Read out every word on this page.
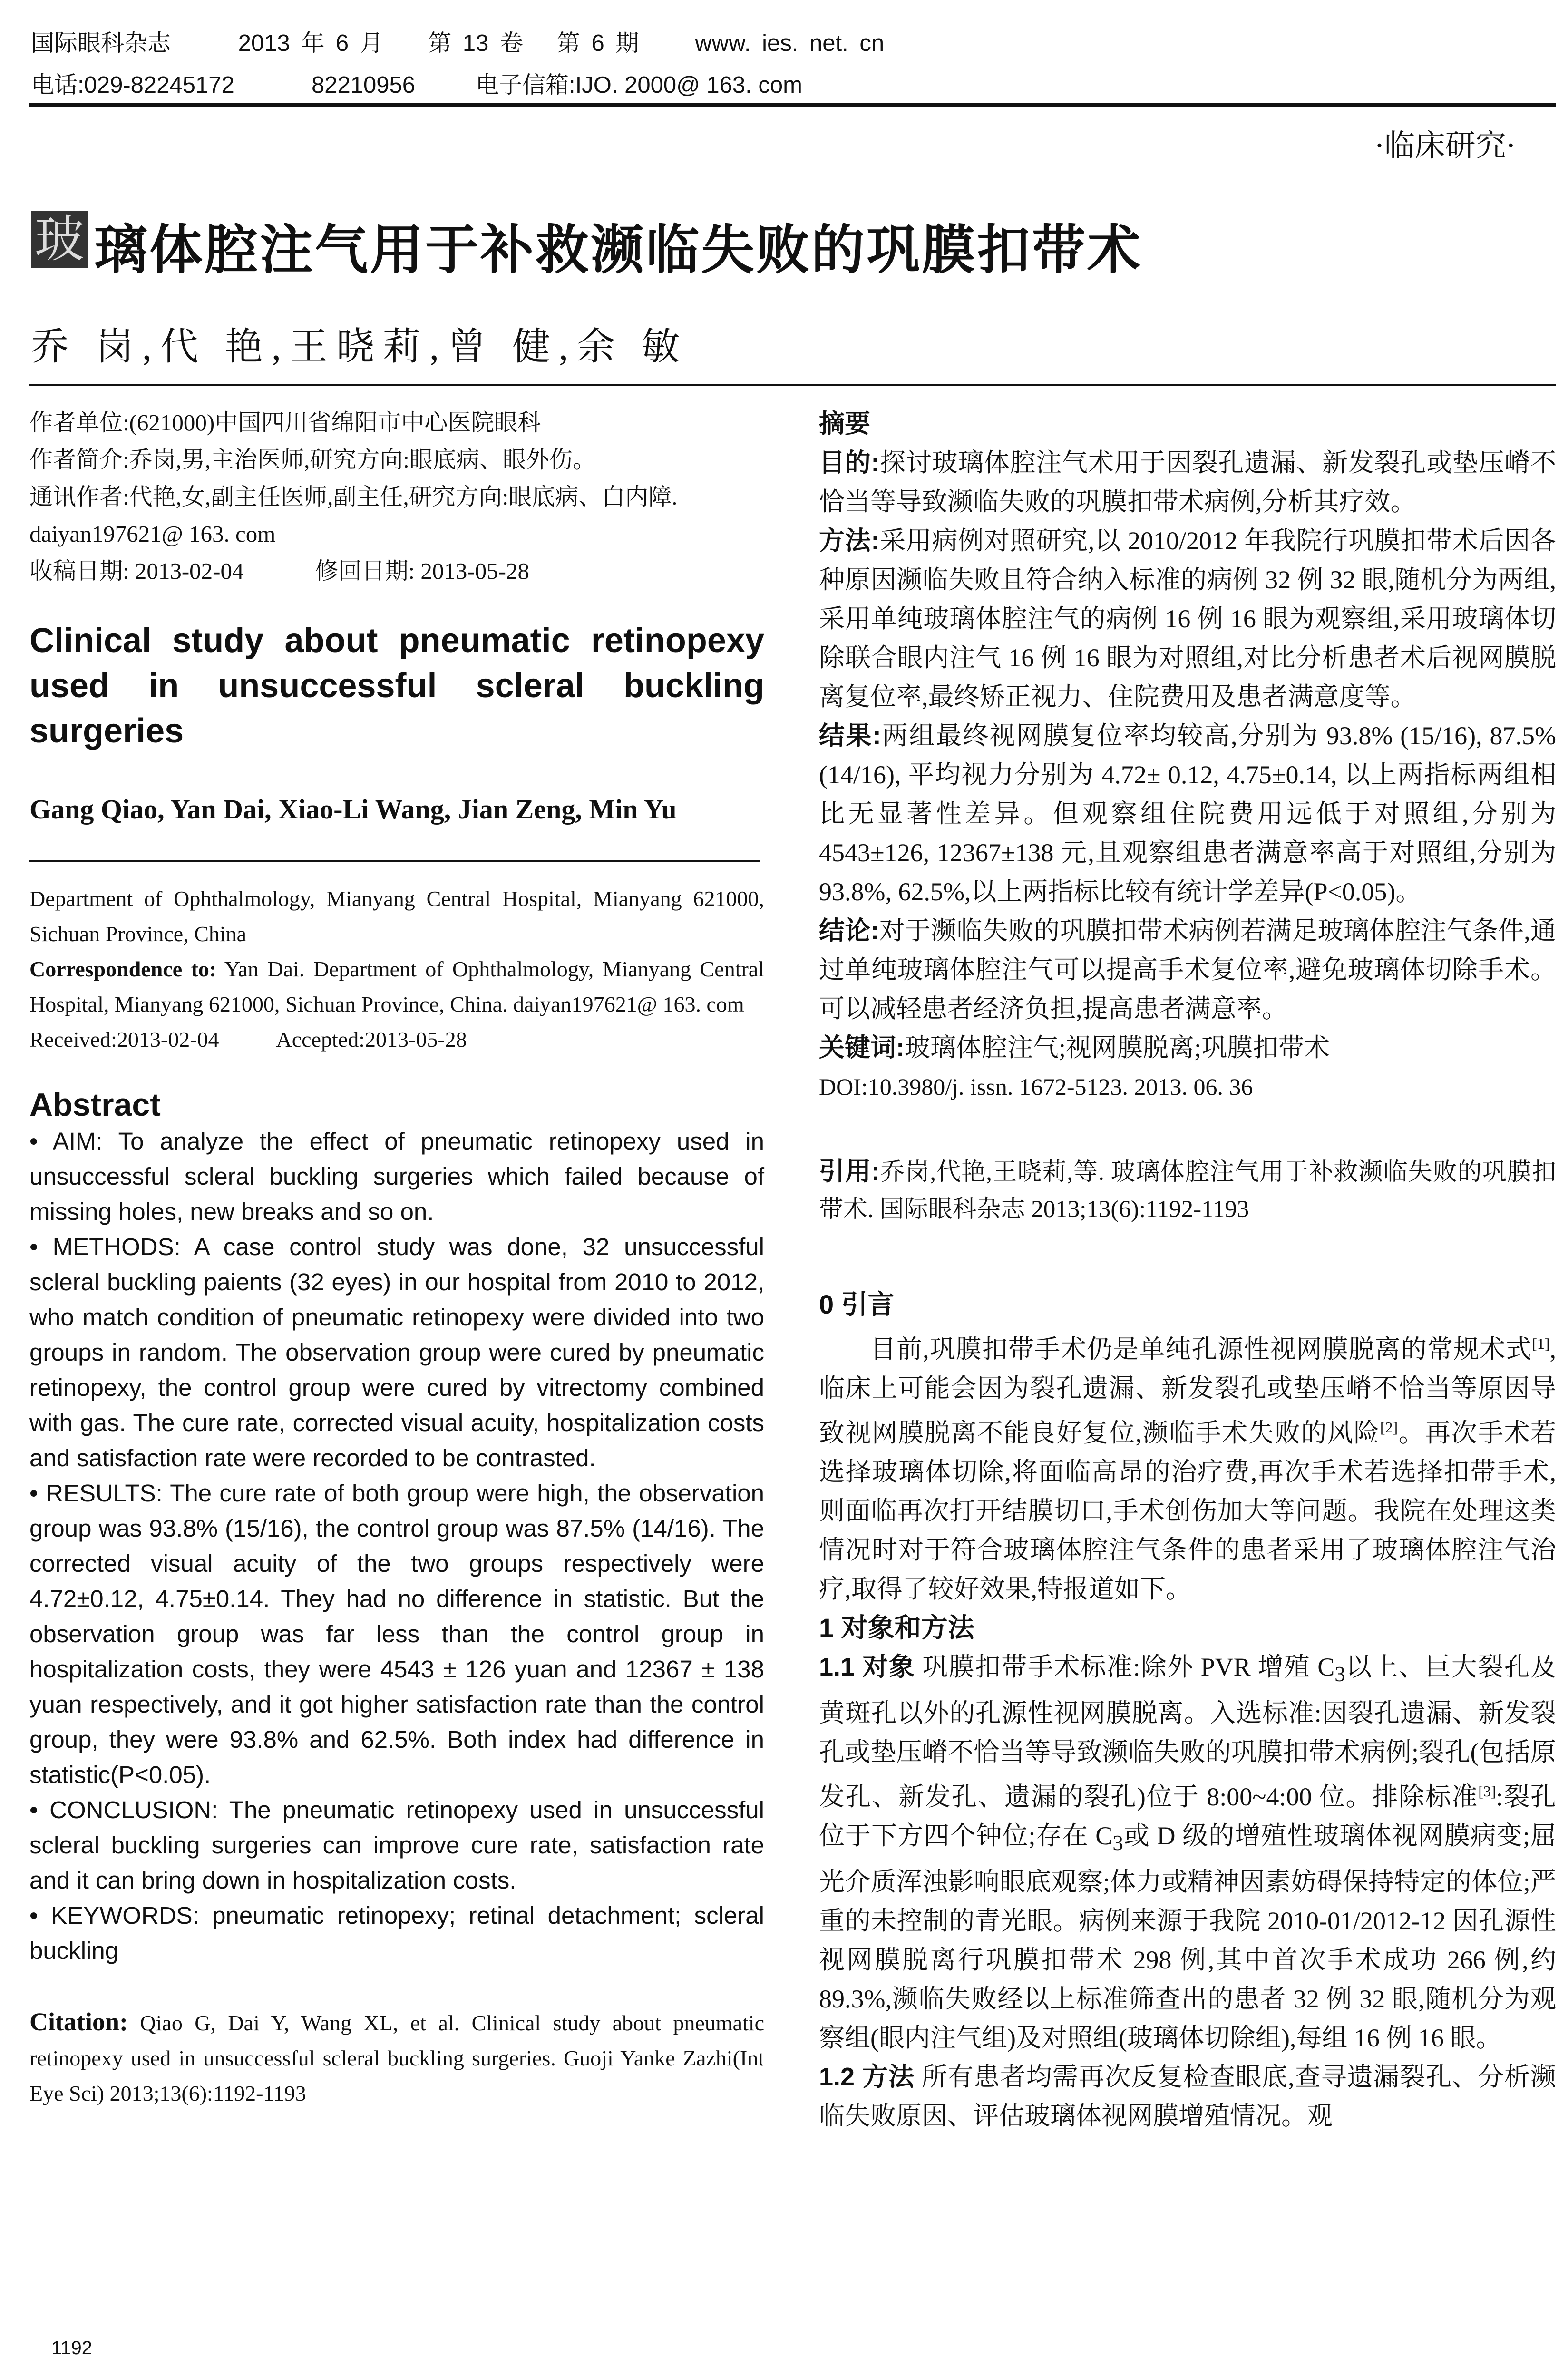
国际眼科杂志	2013 年 6 月 第 13 卷 第 6 期 www. ies. net. cn
电话:029-82245172	82210956	电子信箱:IJO. 2000@ 163. com
·临床研究·
玻 璃体腔注气用于补救濒临失败的巩膜扣带术
乔 岗,代 艳,王晓莉,曾 健,余 敏

作者单位:(621000)中国四川省绵阳市中心医院眼科

作者简介:乔岗,男,主治医师,研究方向:眼底病、眼外伤。

通讯作者:代艳,女,副主任医师,副主任,研究方向:眼底病、白内障. daiyan197621@ 163. com

收稿日期: 2013-02-04	修回日期: 2013-05-28

Clinical study about pneumatic retinopexy used in unsuccessful scleral buckling surgeries

Gang Qiao, Yan Dai, Xiao-Li Wang, Jian Zeng, Min Yu

Department of Ophthalmology, Mianyang Central Hospital, Mianyang 621000, Sichuan Province, China

Correspondence to: Yan Dai. Department of Ophthalmology, Mianyang Central Hospital, Mianyang 621000, Sichuan Province, China. daiyan197621@ 163. com

Received:2013-02-04	Accepted:2013-05-28

Abstract

• AIM: To analyze the effect of pneumatic retinopexy used in unsuccessful scleral buckling surgeries which failed because of missing holes, new breaks and so on.

• METHODS: A case control study was done, 32 unsuccessful scleral buckling paients (32 eyes) in our hospital from 2010 to 2012, who match condition of pneumatic retinopexy were divided into two groups in random. The observation group were cured by pneumatic retinopexy, the control group were cured by vitrectomy combined with gas. The cure rate, corrected visual acuity, hospitalization costs and satisfaction rate were recorded to be contrasted.

• RESULTS: The cure rate of both group were high, the observation group was 93.8% (15/16), the control group was 87.5% (14/16). The corrected visual acuity of the two groups respectively were 4.72±0.12, 4.75±0.14. They had no difference in statistic. But the observation group was far less than the control group in hospitalization costs, they were 4543 ± 126 yuan and 12367 ± 138 yuan respectively, and it got higher satisfaction rate than the control group, they were 93.8% and 62.5%. Both index had difference in statistic(P<0.05).

• CONCLUSION: The pneumatic retinopexy used in unsuccessful scleral buckling surgeries can improve cure rate, satisfaction rate and it can bring down in hospitalization costs.

• KEYWORDS: pneumatic retinopexy; retinal detachment; scleral buckling

Citation: Qiao G, Dai Y, Wang XL, et al. Clinical study about pneumatic retinopexy used in unsuccessful scleral buckling surgeries. Guoji Yanke Zazhi(Int Eye Sci) 2013;13(6):1192-1193

1192

摘要

目的:探讨玻璃体腔注气术用于因裂孔遗漏、新发裂孔或垫压嵴不恰当等导致濒临失败的巩膜扣带术病例,分析其疗效。

方法:采用病例对照研究,以 2010/2012 年我院行巩膜扣带术后因各种原因濒临失败且符合纳入标准的病例 32 例 32 眼,随机分为两组,采用单纯玻璃体腔注气的病例 16 例 16 眼为观察组,采用玻璃体切除联合眼内注气 16 例 16 眼为对照组,对比分析患者术后视网膜脱离复位率,最终矫正视力、住院费用及患者满意度等。

结果:两组最终视网膜复位率均较高,分别为 93.8% (15/16), 87.5% (14/16), 平均视力分别为 4.72± 0.12, 4.75±0.14, 以上两指标两组相比无显著性差异。但观察组住院费用远低于对照组,分别为 4543±126, 12367±138 元,且观察组患者满意率高于对照组,分别为 93.8%, 62.5%,以上两指标比较有统计学差异(P<0.05)。

结论:对于濒临失败的巩膜扣带术病例若满足玻璃体腔注气条件,通过单纯玻璃体腔注气可以提高手术复位率,避免玻璃体切除手术。可以减轻患者经济负担,提高患者满意率。

关键词:玻璃体腔注气;视网膜脱离;巩膜扣带术

DOI:10.3980/j. issn. 1672-5123. 2013. 06. 36

引用:乔岗,代艳,王晓莉,等. 玻璃体腔注气用于补救濒临失败的巩膜扣带术. 国际眼科杂志 2013;13(6):1192-1193

0 引言

目前,巩膜扣带手术仍是单纯孔源性视网膜脱离的常规术式[1],临床上可能会因为裂孔遗漏、新发裂孔或垫压嵴不恰当等原因导致视网膜脱离不能良好复位,濒临手术失败的风险[2]。再次手术若选择玻璃体切除,将面临高昂的治疗费,再次手术若选择扣带手术,则面临再次打开结膜切口,手术创伤加大等问题。我院在处理这类情况时对于符合玻璃体腔注气条件的患者采用了玻璃体腔注气治疗,取得了较好效果,特报道如下。

1 对象和方法

1.1 对象 巩膜扣带手术标准:除外 PVR 增殖 $C_3$以上、巨大裂孔及黄斑孔以外的孔源性视网膜脱离。入选标准:因裂孔遗漏、新发裂孔或垫压嵴不恰当等导致濒临失败的巩膜扣带术病例;裂孔(包括原发孔、新发孔、遗漏的裂孔)位于 8:00~4:00 位。排除标准[3]:裂孔位于下方四个钟位;存在 $C_3$或 D 级的增殖性玻璃体视网膜病变;屈光介质浑浊影响眼底观察;体力或精神因素妨碍保持特定的体位;严重的未控制的青光眼。病例来源于我院 2010-01/2012-12 因孔源性视网膜脱离行巩膜扣带术 298 例,其中首次手术成功 266 例,约 89.3%,濒临失败经以上标准筛查出的患者 32 例 32 眼,随机分为观察组(眼内注气组)及对照组(玻璃体切除组),每组 16 例 16 眼。

1.2 方法 所有患者均需再次反复检查眼底,查寻遗漏裂孔、分析濒临失败原因、评估玻璃体视网膜增殖情况。观
